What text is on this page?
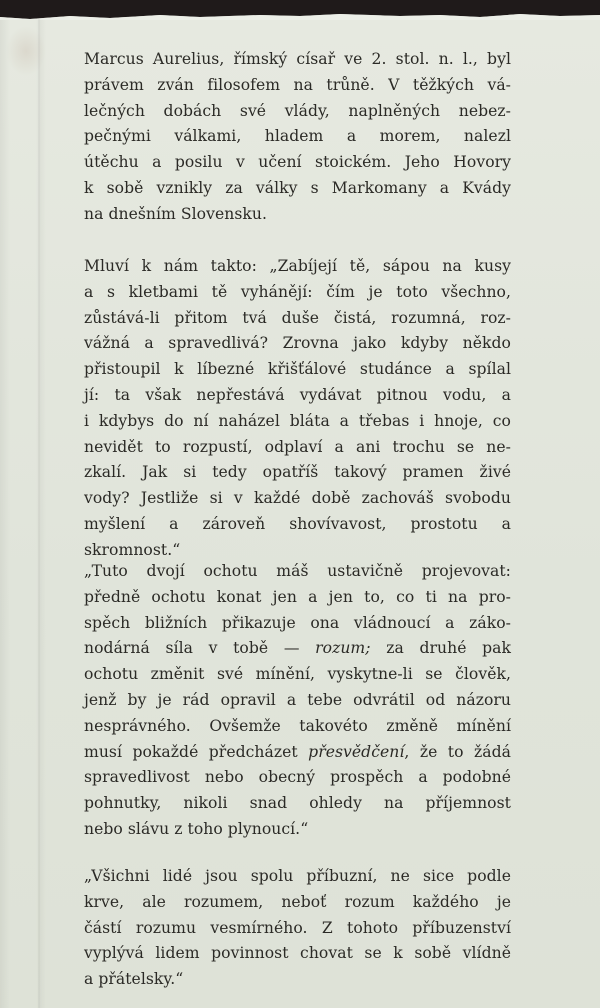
Marcus Aurelius, římský císař ve 2. stol. n. l., byl
právem zván filosofem na trůně. V těžkých vá-
lečných dobách své vlády, naplněných nebez-
pečnými válkami, hladem a morem, nalezl
útěchu a posilu v učení stoickém. Jeho Hovory
k sobě vznikly za války s Markomany a Kvády
na dnešním Slovensku.
Mluví k nám takto: „Zabíjejí tě, sápou na kusy
a s kletbami tě vyhánějí: čím je toto všechno,
zůstává-li přitom tvá duše čistá, rozumná, roz-
vážná a spravedlivá? Zrovna jako kdyby někdo
přistoupil k líbezné křišťálové studánce a spílal
jí: ta však nepřestává vydávat pitnou vodu, a
i kdybys do ní naházel bláta a třebas i hnoje, co
nevidět to rozpustí, odplaví a ani trochu se ne-
zkalí. Jak si tedy opatříš takový pramen živé
vody? Jestliže si v každé době zachováš svobodu
myšlení a zároveň shovívavost, prostotu a
skromnost.“
„Tuto dvojí ochotu máš ustavičně projevovat:
předně ochotu konat jen a jen to, co ti na pro-
spěch bližních přikazuje ona vládnoucí a záko-
nodárná síla v tobě — rozum; za druhé pak
ochotu změnit své mínění, vyskytne-li se člověk,
jenž by je rád opravil a tebe odvrátil od názoru
nesprávného. Ovšemže takovéto změně mínění
musí pokaždé předcházet přesvědčení, že to žádá
spravedlivost nebo obecný prospěch a podobné
pohnutky, nikoli snad ohledy na příjemnost
nebo slávu z toho plynoucí.“
„Všichni lidé jsou spolu příbuzní, ne sice podle
krve, ale rozumem, neboť rozum každého je
částí rozumu vesmírného. Z tohoto příbuzenství
vyplývá lidem povinnost chovat se k sobě vlídně
a přátelsky.“
